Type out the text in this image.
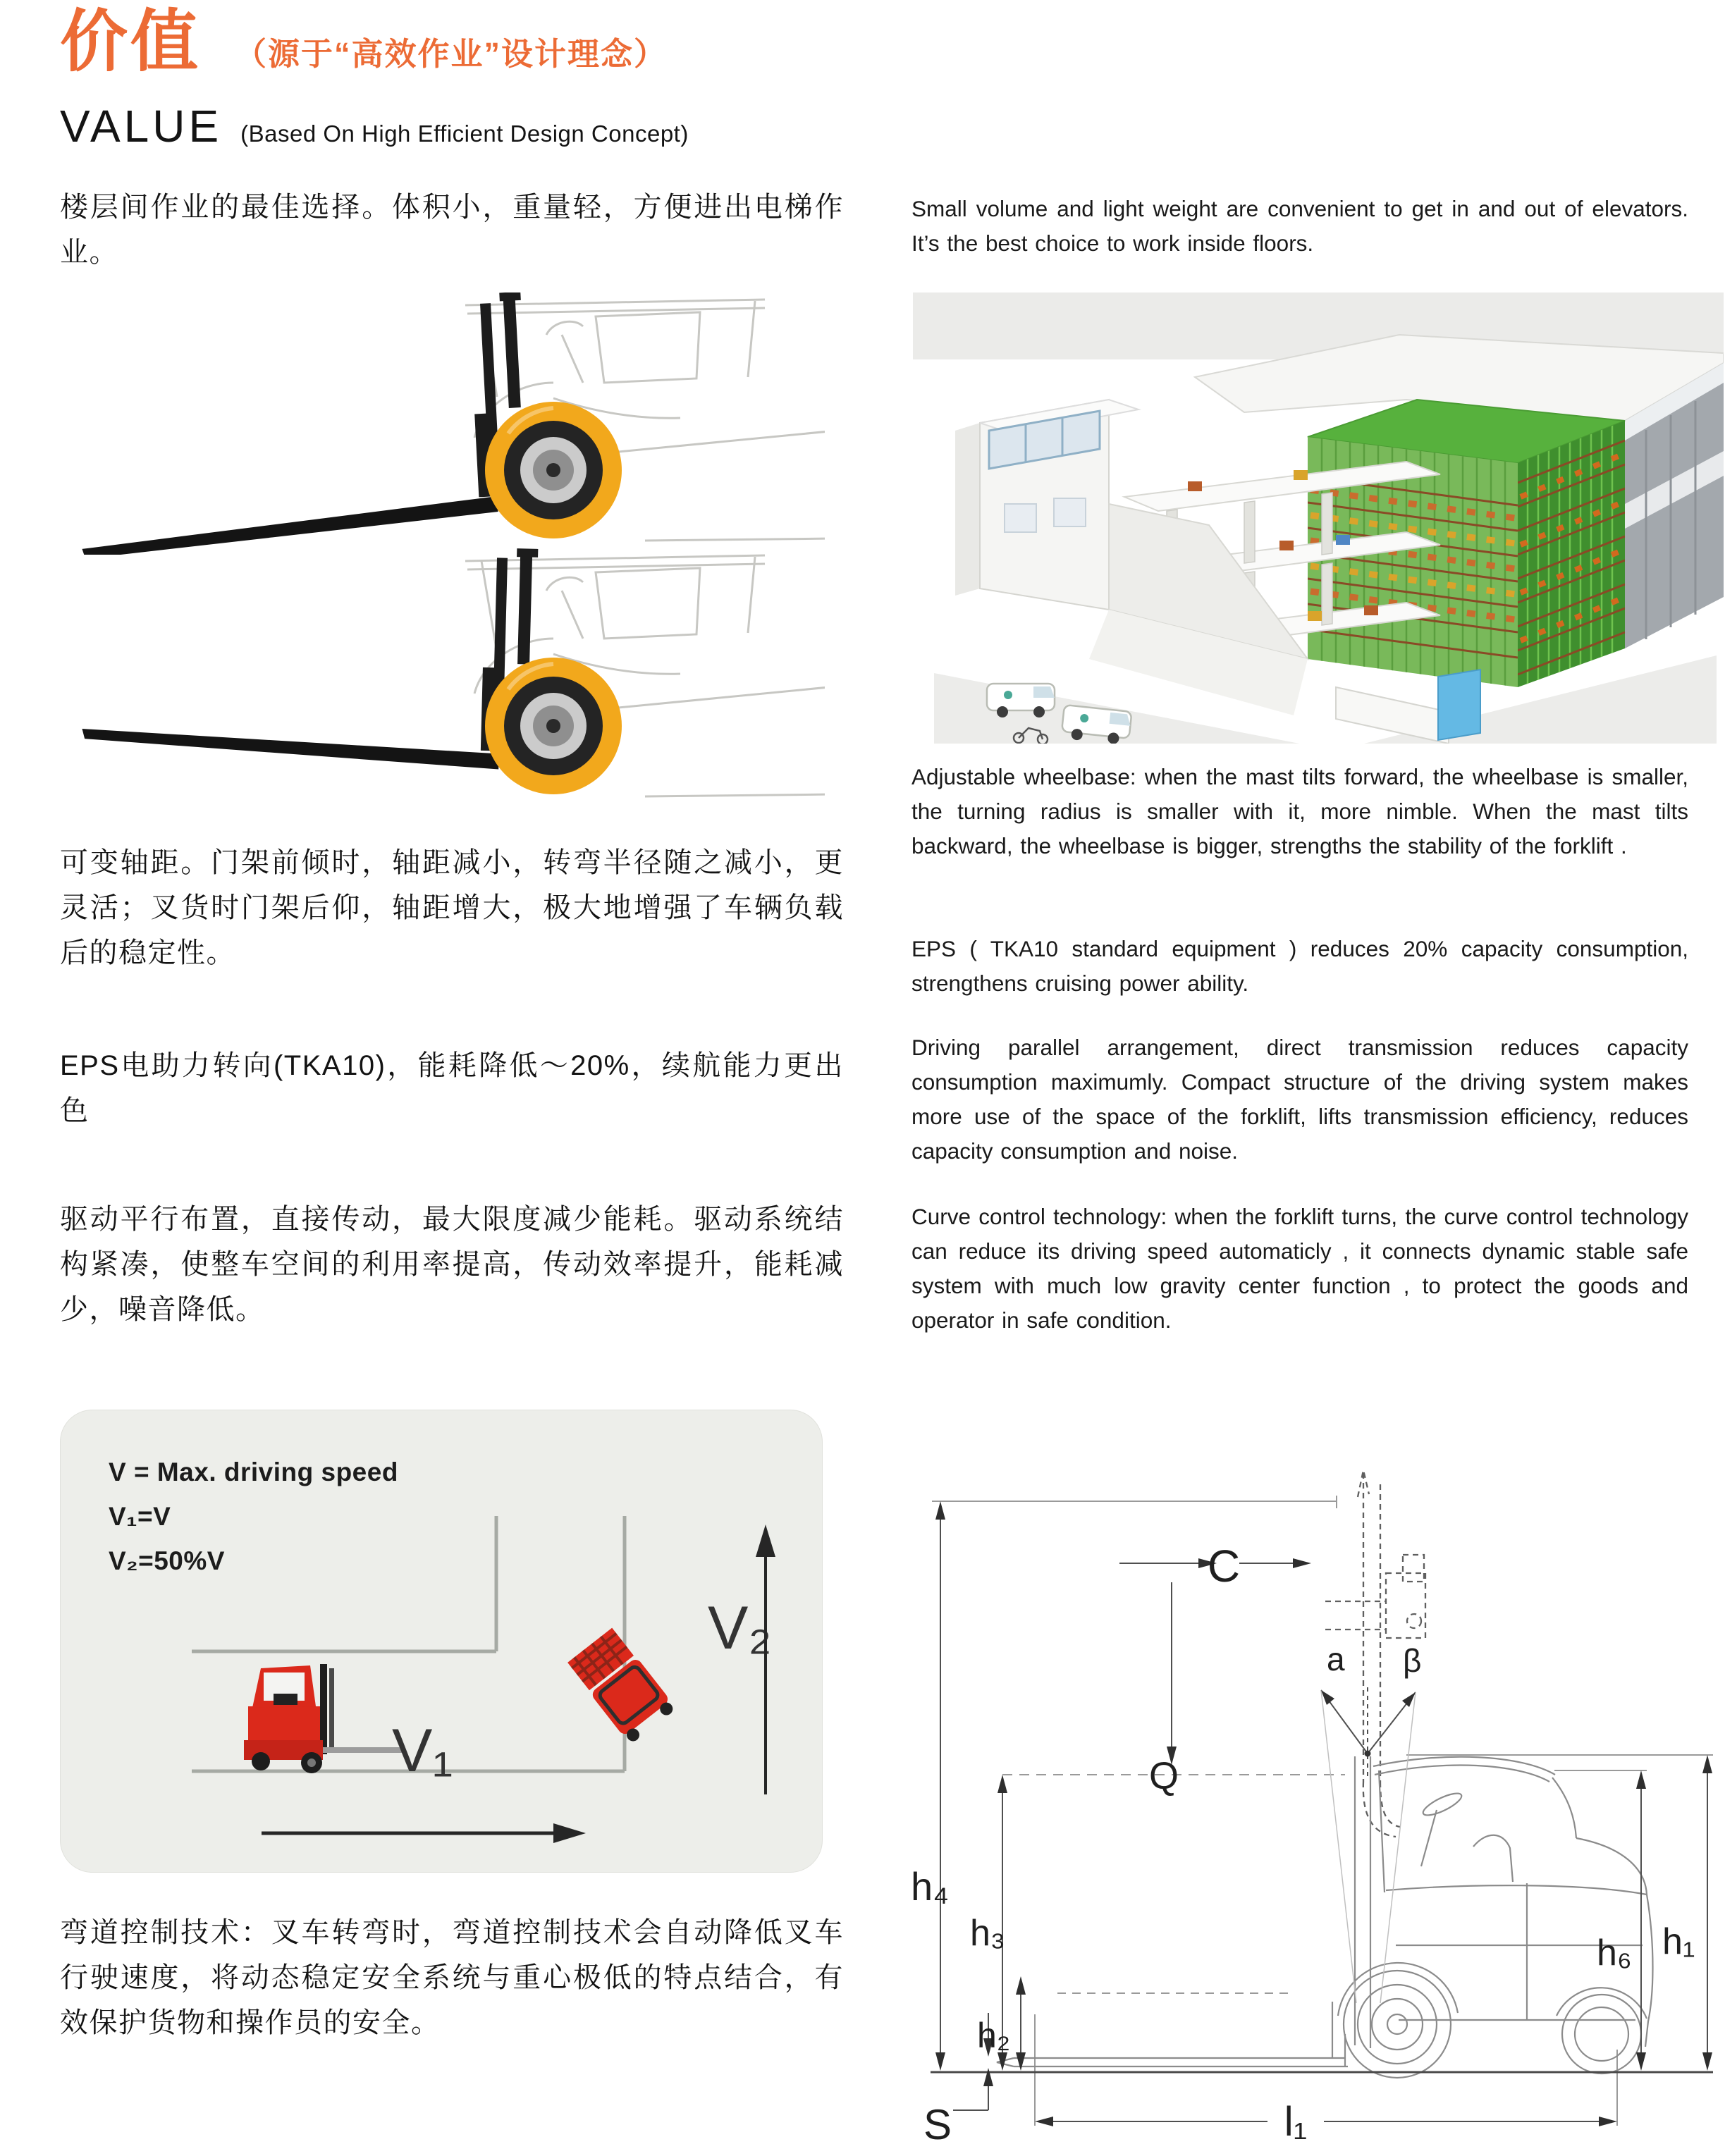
价值 （源于“高效作业”设计理念）
VALUE (Based On High Efficient Design Concept)
楼层间作业的最佳选择。体积小，重量轻，方便进出电梯作业。
可变轴距。门架前倾时，轴距减小，转弯半径随之减小，更灵活；叉货时门架后仰，轴距增大，极大地增强了车辆负载后的稳定性。
EPS电助力转向(TKA10)，能耗降低～20%，续航能力更出色
驱动平行布置，直接传动，最大限度减少能耗。驱动系统结构紧凑，使整车空间的利用率提高，传动效率提升，能耗减少，噪音降低。
弯道控制技术：叉车转弯时，弯道控制技术会自动降低叉车行驶速度，将动态稳定安全系统与重心极低的特点结合，有效保护货物和操作员的安全。
Small volume and light weight are convenient to get in and out of elevators. It’s the best choice to work inside floors.
Adjustable wheelbase: when the mast tilts forward, the wheelbase is smaller, the turning radius is smaller with it, more nimble. When the mast tilts backward, the wheelbase is bigger, strengths the stability of the forklift .
EPS ( TKA10 standard equipment ) reduces 20% capacity consumption, strengthens cruising power ability.
Driving parallel arrangement, direct transmission reduces capacity consumption maximumly. Compact structure of the driving system makes more use of the space of the forklift, lifts transmission efficiency, reduces capacity consumption and noise.
Curve control technology: when the forklift turns, the curve control technology can reduce its driving speed automaticly , it connects dynamic stable safe system with much low gravity center function , to protect the goods and operator in safe condition.
V = Max. driving speed
V₁=V
V₂=50%V
V₁
V₂
C
Q
a β
h₄
h₃
h₂
h₆ h₁
S	l₁
